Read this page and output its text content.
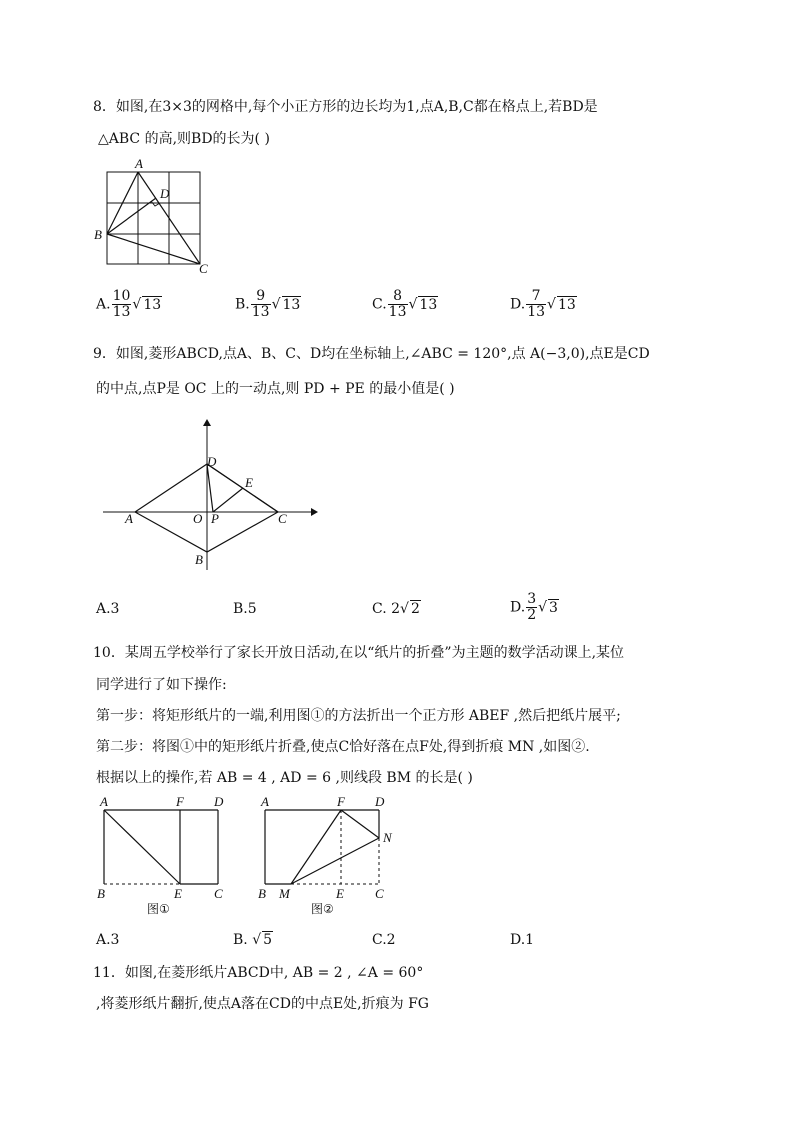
8．如图,在3×3的网格中,每个小正方形的边长均为1,点A,B,C都在格点上,若BD是
△ABC 的高,则BD的长为( )
A
D
B
C
A. $\frac{10}{13}$ √ 13	B. $\frac{9}{13}$ √ 13	C. $\frac{8}{13}$ √ 13	D. $\frac{7}{13}$ √ 13
9．如图,菱形ABCD,点A、B、C、D均在坐标轴上,∠ABC = 120°,点 A(−3,0),点E是CD
的中点,点P是 OC 上的一动点,则 PD + PE 的最小值是( )
D
E
A	O P	C
B
A.3	B.5	C. 2√ 2	D. $\frac{3}{2}$ √ 3
10．某周五学校举行了家长开放日活动,在以“纸片的折叠”为主题的数学活动课上,某位
同学进行了如下操作:
第一步：将矩形纸片的一端,利用图①的方法折出一个正方形 ABEF ,然后把纸片展平;
第二步：将图①中的矩形纸片折叠,使点C恰好落在点F处,得到折痕 MN ,如图②.
根据以上的操作,若 AB = 4 , AD = 6 ,则线段 BM 的长是( )
A	F D
B	E C
图①
A	F D
N
B M	E C
图②
A.3	B. √ 5	C.2	D.1
11．如图,在菱形纸片ABCD中, AB = 2 , ∠A = 60°
,将菱形纸片翻折,使点A落在CD的中点E处,折痕为 FG
